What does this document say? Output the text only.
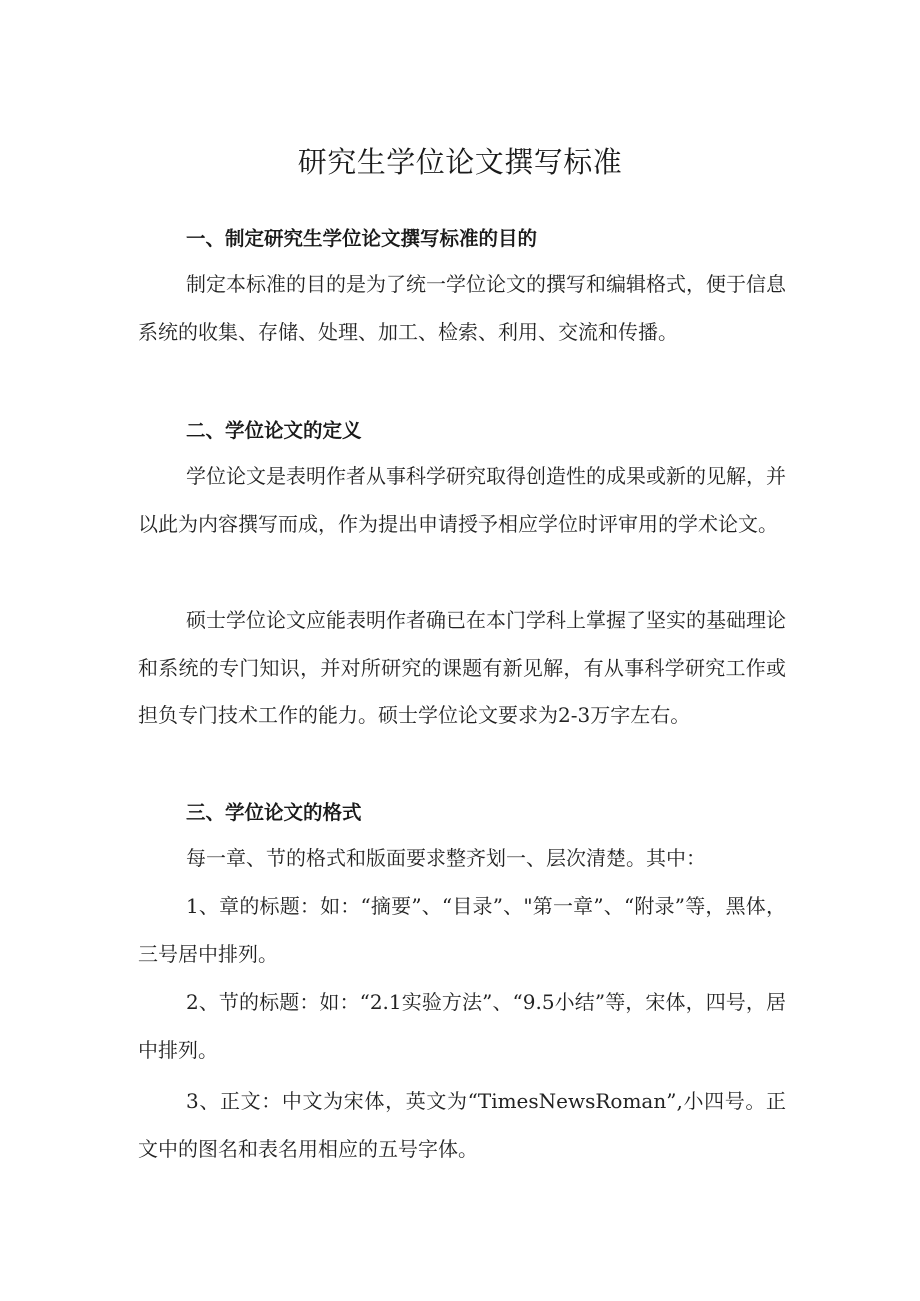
研究生学位论文撰写标准
一、制定研究生学位论文撰写标准的目的
制定本标准的目的是为了统一学位论文的撰写和编辑格式，便于信息系统的收集、存储、处理、加工、检索、利用、交流和传播。
二、学位论文的定义
学位论文是表明作者从事科学研究取得创造性的成果或新的见解，并以此为内容撰写而成，作为提出申请授予相应学位时评审用的学术论文。
硕士学位论文应能表明作者确已在本门学科上掌握了坚实的基础理论和系统的专门知识，并对所研究的课题有新见解，有从事科学研究工作或担负专门技术工作的能力。硕士学位论文要求为2-3万字左右。
三、学位论文的格式
每一章、节的格式和版面要求整齐划一、层次清楚。其中：
1、章的标题：如：“摘要”、“目录”、"第一章”、“附录”等，黑体，三号居中排列。
2、节的标题：如：“2.1实验方法”、“9.5小结”等，宋体，四号，居中排列。
3、正文：中文为宋体，英文为“TimesNewsRoman”,小四号。正文中的图名和表名用相应的五号字体。
